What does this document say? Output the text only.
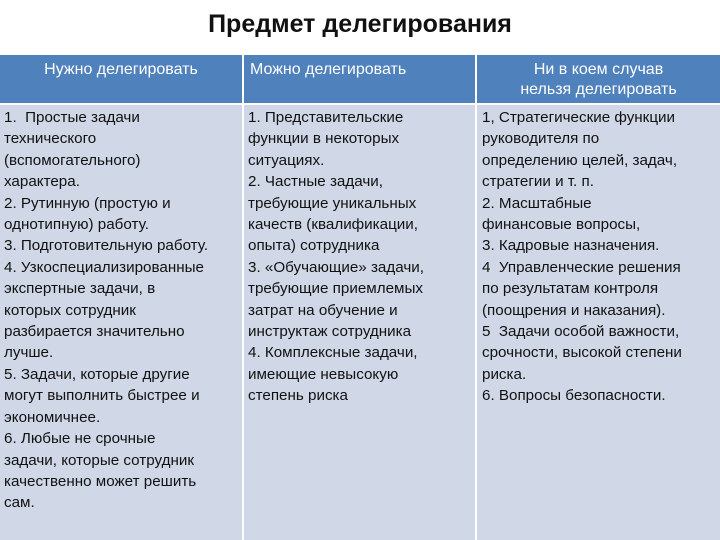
Предмет делегирования
Нужно делегировать	Можно делегировать	Ни в коем случав
нельзя делегировать
1.  Простые задачи
технического
(вспомогательного)
характера.
2. Рутинную (простую и
однотипную) работу.
3. Подготовительную работу.
4. Узкоспециализированные
экспертные задачи, в
которых сотрудник
разбирается значительно
лучше.
5. Задачи, которые другие
могут выполнить быстрее и
экономичнее.
6. Любые не срочные
задачи, которые сотрудник
качественно может решить
сам.
1. Представительские
функции в некоторых
ситуациях.
2. Частные задачи,
требующие уникальных
качеств (квалификации,
опыта) сотрудника
3. «Обучающие» задачи,
требующие приемлемых
затрат на обучение и
инструктаж сотрудника
4. Комплексные задачи,
имеющие невысокую
степень риска
1, Стратегические функции
руководителя по
определению целей, задач,
стратегии и т. п.
2. Масштабные
финансовые вопросы,
3. Кадровые назначения.
4  Управленческие решения
по результатам контроля
(поощрения и наказания).
5  Задачи особой важности,
срочности, высокой степени
риска.
6. Вопросы безопасности.
